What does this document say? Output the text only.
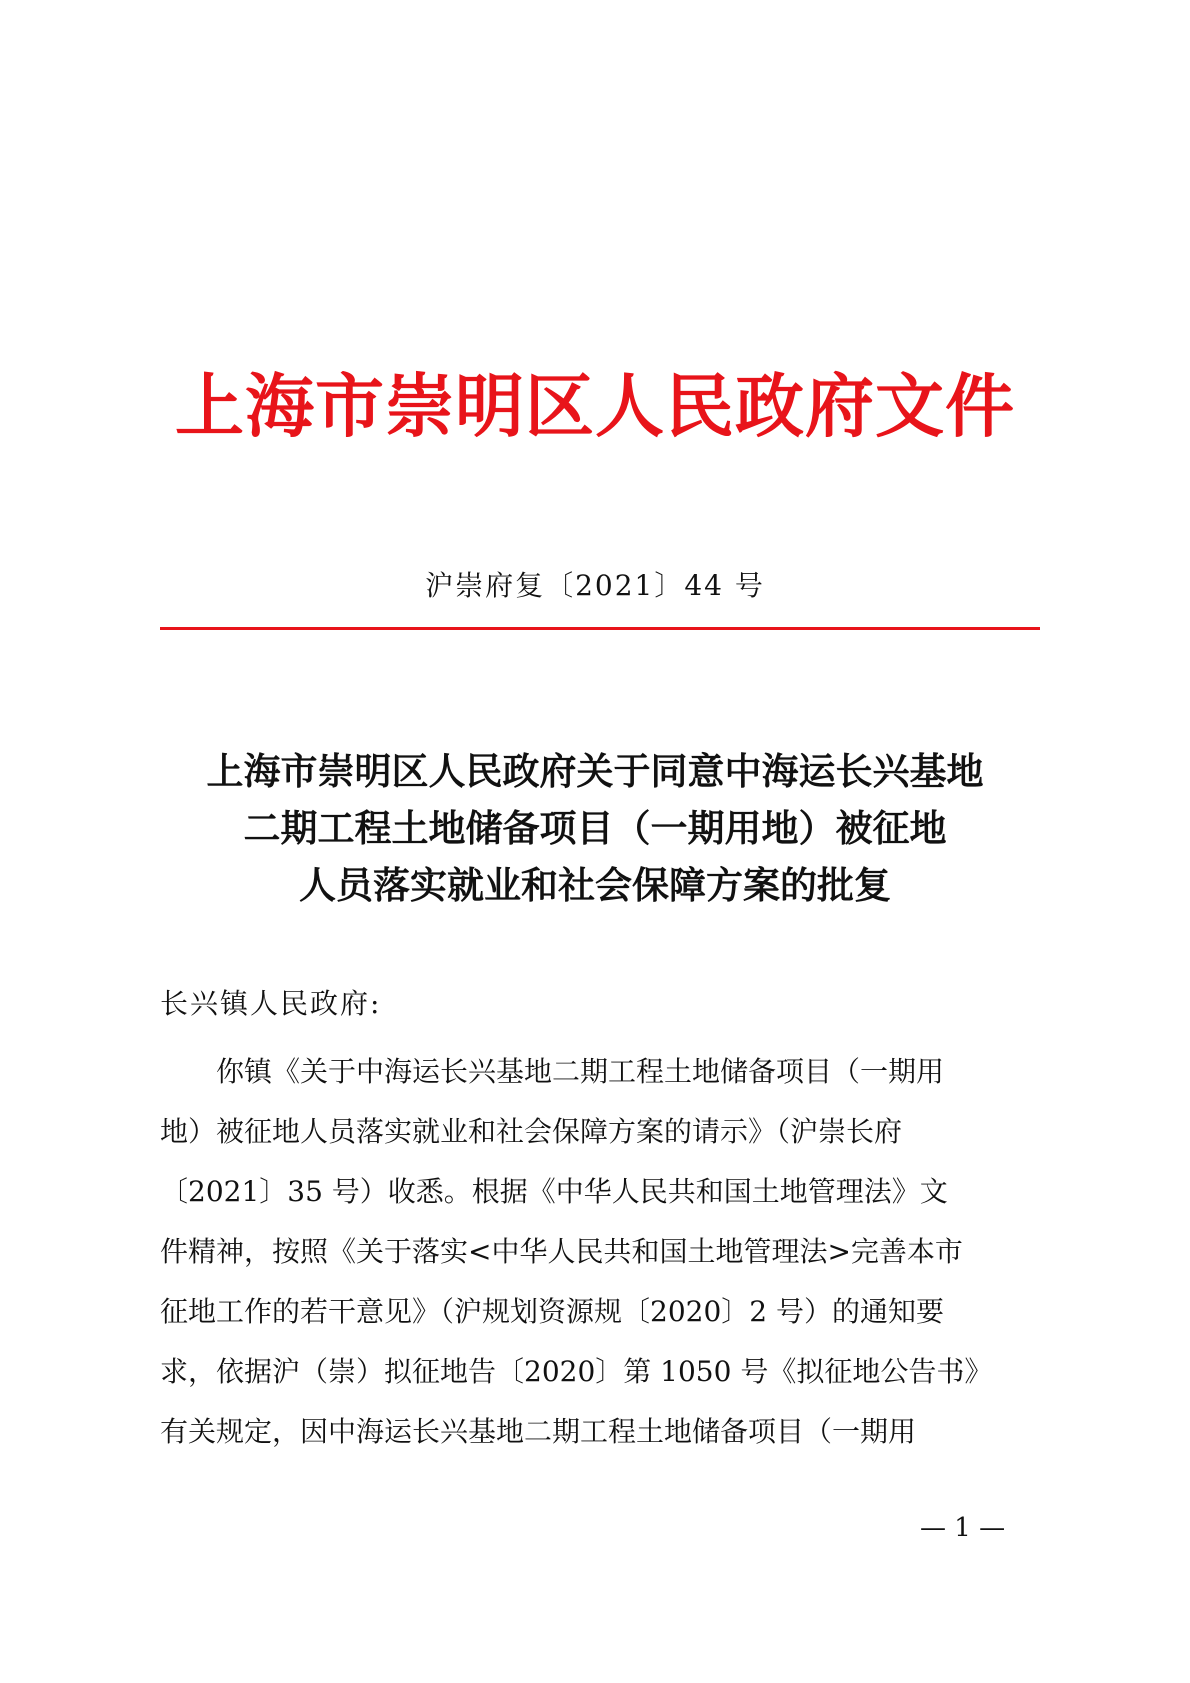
上海市崇明区人民政府文件
沪崇府复〔2021〕44 号
上海市崇明区人民政府关于同意中海运长兴基地
二期工程土地储备项目（一期用地）被征地
人员落实就业和社会保障方案的批复
长兴镇人民政府:
你镇《关于中海运长兴基地二期工程土地储备项目（一期用
地）被征地人员落实就业和社会保障方案的请示》（沪崇长府
〔2021〕35 号）收悉。根据《中华人民共和国土地管理法》文
件精神，按照《关于落实<中华人民共和国土地管理法>完善本市
征地工作的若干意见》（沪规划资源规〔2020〕2 号）的通知要
求，依据沪（崇）拟征地告〔2020〕第 1050 号《拟征地公告书》
有关规定，因中海运长兴基地二期工程土地储备项目（一期用
— 1 —
